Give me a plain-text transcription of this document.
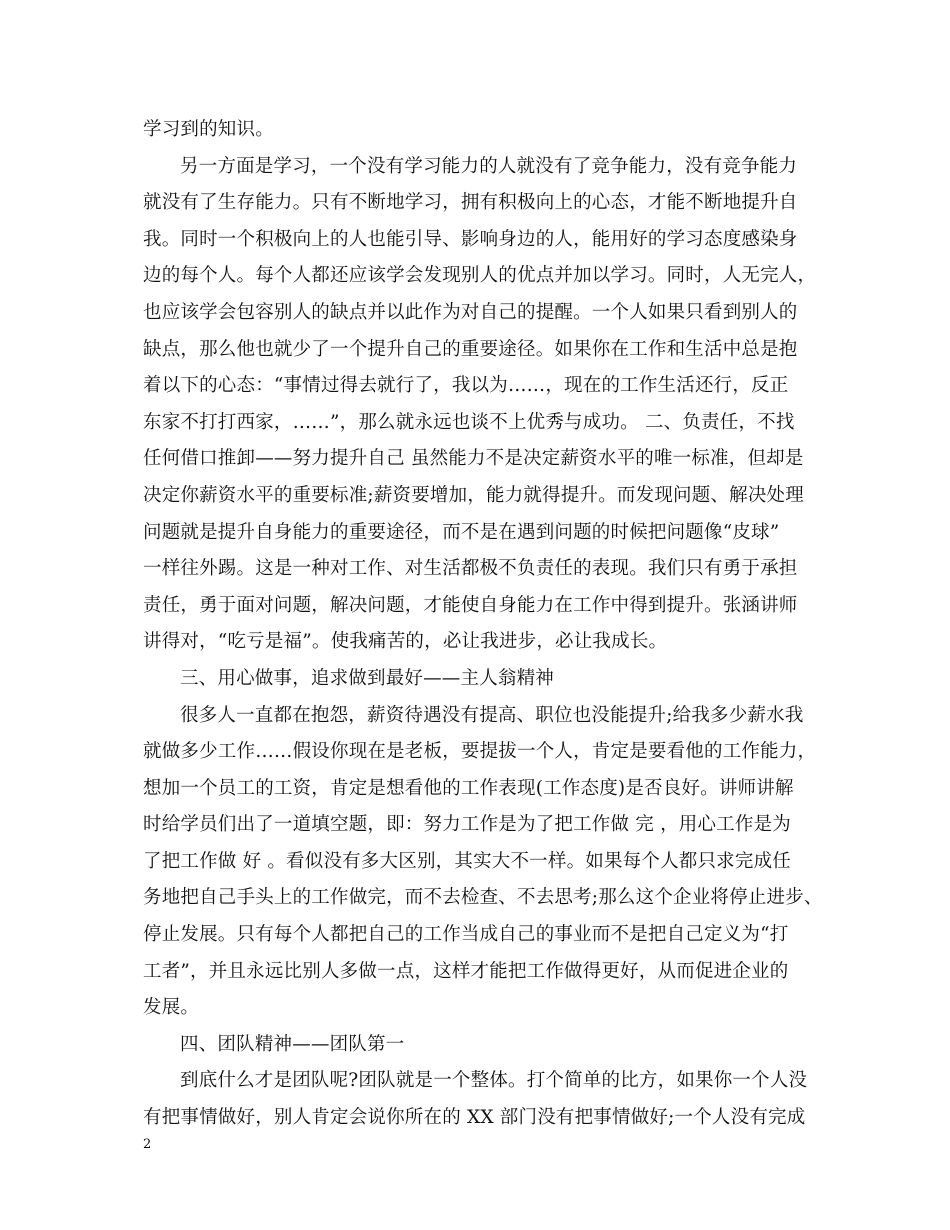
学习到的知识。
另一方面是学习，一个没有学习能力的人就没有了竞争能力，没有竞争能力
就没有了生存能力。只有不断地学习，拥有积极向上的心态，才能不断地提升自
我。同时一个积极向上的人也能引导、影响身边的人，能用好的学习态度感染身
边的每个人。每个人都还应该学会发现别人的优点并加以学习。同时，人无完人，
也应该学会包容别人的缺点并以此作为对自己的提醒。一个人如果只看到别人的
缺点，那么他也就少了一个提升自己的重要途径。如果你在工作和生活中总是抱
着以下的心态：“事情过得去就行了，我以为……，现在的工作生活还行，反正
东家不打打西家，……”，那么就永远也谈不上优秀与成功。 二、负责任，不找
任何借口推卸——努力提升自己 虽然能力不是决定薪资水平的唯一标准，但却是
决定你薪资水平的重要标准;薪资要增加，能力就得提升。而发现问题、解决处理
问题就是提升自身能力的重要途径，而不是在遇到问题的时候把问题像“皮球”
一样往外踢。这是一种对工作、对生活都极不负责任的表现。我们只有勇于承担
责任，勇于面对问题，解决问题，才能使自身能力在工作中得到提升。张涵讲师
讲得对，“吃亏是福”。使我痛苦的，必让我进步，必让我成长。
三、用心做事，追求做到最好——主人翁精神
很多人一直都在抱怨，薪资待遇没有提高、职位也没能提升;给我多少薪水我
就做多少工作……假设你现在是老板，要提拔一个人，肯定是要看他的工作能力，
想加一个员工的工资，肯定是想看他的工作表现(工作态度)是否良好。讲师讲解
时给学员们出了一道填空题，即：努力工作是为了把工作做 完 ，用心工作是为
了把工作做 好 。看似没有多大区别，其实大不一样。如果每个人都只求完成任
务地把自己手头上的工作做完，而不去检查、不去思考;那么这个企业将停止进步、
停止发展。只有每个人都把自己的工作当成自己的事业而不是把自己定义为“打
工者”，并且永远比别人多做一点，这样才能把工作做得更好，从而促进企业的
发展。
四、团队精神——团队第一
到底什么才是团队呢?团队就是一个整体。打个简单的比方，如果你一个人没
有把事情做好，别人肯定会说你所在的 XX 部门没有把事情做好;一个人没有完成
2
